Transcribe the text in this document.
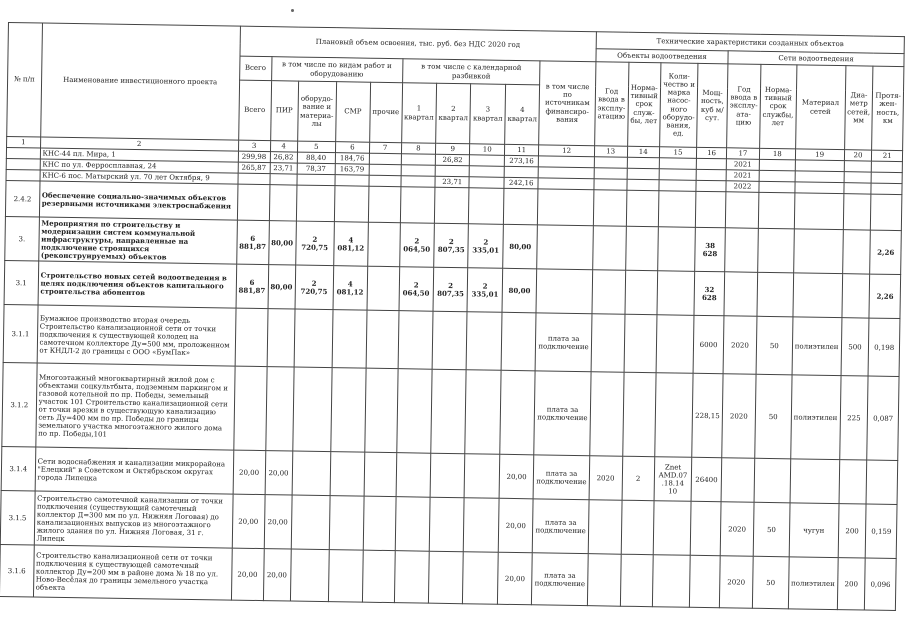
№ п/п	Наименование инвестиционного проекта	Плановый объем освоения, тыс. руб. без НДС 2020 год										Технические характеристики созданных объектов								
												Объекты водоотведения				Сети водоотведения				
		Всего	в том числе по видам работ и оборудованию				в том числе с календарной разбивкой				в том числе по источникам финансиро-вания	Год ввода в эксплу-атацию	Норма-тивный срок служ-бы, лет	Коли-чество и марка насос-ного оборудо-вания, ед.	Мощ-ность, куб м/сут.	Год ввода в эксплу-ата-цию	Норма-тивный срок службы, лет	Материал сетей	Диа-метр сетей, мм	Протя-жен-ность, км
		Всего	ПИР	оборудо-вание и материа-лы	СМР	прочие	1 квартал	2 квартал	3 квартал	4 квартал										
1	2	3	4	5	6	7	8	9	10	11	12	13	14	15	16	17	18	19	20	21
	КНС-44 пл. Мира, 1	299,98	26,82	88,40	184,76			26,82		273,16						2021				
	КНС по ул. Ферросплавная, 24	265,87	23,71	78,37	163,79											2021				
	КНС-6 пос. Матырский ул. 70 лет Октября, 9							23,71		242,16						2022				
2.4.2	Обеспечение социально-значимых объектов резервными источниками электроснабжения																			
3.	Мероприятия по строительству и модернизации систем коммунальной инфраструктуры, направленные на подключение строящихся (реконструируемых) объектов	6 881,87	80,00	2 720,75	4 081,12		2 064,50	2 807,35	2 335,01	80,00					38 628					2,26
3.1	Строительство новых сетей водоотведения в целях подключения объектов капитального строительства абонентов	6 881,87	80,00	2 720,75	4 081,12		2 064,50	2 807,35	2 335,01	80,00					32 628					2,26
3.1.1	Бумажное производство вторая очередь Строительство канализационной сети от точки подключения к существующей колодец на самотечном коллекторе Ду=500 мм, проложенном от КНДЛ-2 до границы с ООО «БумПак»										плата за подключение				6000	2020	50	полиэтилен	500	0,198
3.1.2	Многоэтажный многоквартирный жилой дом с объектами соцкультбыта, подземным паркингом и газовой котельной по пр. Победы, земельный участок 101 Строительство канализационной сети от точки врезки в существующую канализацию сеть Ду=400 мм по пр. Победы до границы земельного участка многоэтажного жилого дома по пр. Победы,101										плата за подключение				228,15	2020	50	полиэтилен	225	0,087
3.1.4	Сети водоснабжения и канализации микрорайона "Елецкий" в Советском и Октябрьском округах города Липецка	20,00	20,00							20,00	плата за подключение	2020	2	Znet AMD.07 .18.14 10	26400					
3.1.5	Строительство самотечной канализации от точки подключения (существующий самотечный коллектор Д=300 мм по ул. Нижняя Логовая) до канализационных выпусков из многоэтажного жилого здания по ул. Нижняя Логовая, 31 г. Липецк	20,00	20,00							20,00	плата за подключение					2020	50	чугун	200	0,159
3.1.6	Строительство канализационной сети от точки подключения к существующей самотечный коллектор Ду=200 мм в районе дома № 18 по ул. Ново-Весёлая до границы земельного участка объекта	20,00	20,00							20,00	плата за подключение					2020	50	полиэтилен	200	0,096
